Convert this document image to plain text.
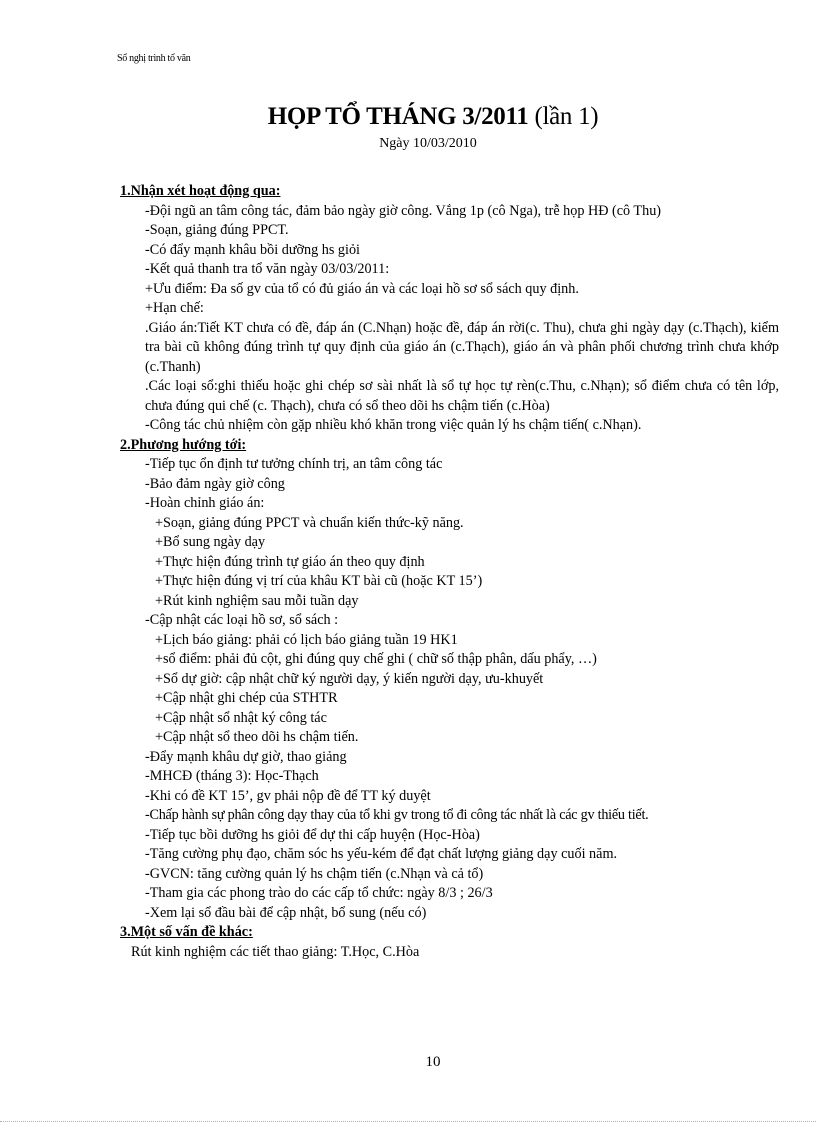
Sổ nghị trình tổ văn
HỌP TỔ THÁNG 3/2011 (lần 1)
Ngày 10/03/2010
1.Nhận xét hoạt động qua:
-Đội ngũ an tâm công tác, đảm bảo ngày giờ công. Vắng 1p (cô Nga), trễ họp HĐ (cô Thu)
-Soạn, giảng đúng PPCT.
-Có đẩy mạnh khâu bồi dưỡng hs giỏi
-Kết quả thanh tra tổ văn ngày 03/03/2011:
+Ưu điểm: Đa số gv của tổ có đủ giáo án và các loại hồ sơ sổ sách quy định.
+Hạn chế:
.Giáo án:Tiết KT chưa có đề, đáp án (C.Nhạn) hoặc đề, đáp án rời(c. Thu), chưa ghi ngày dạy (c.Thạch), kiểm tra bài cũ không đúng trình tự quy định của giáo án (c.Thạch), giáo án và phân phối chương trình chưa khớp (c.Thanh)
.Các loại sổ:ghi thiếu hoặc ghi chép sơ sài nhất là sổ tự học tự rèn(c.Thu, c.Nhạn); sổ điểm chưa có tên lớp, chưa đúng qui chế (c. Thạch), chưa có sổ theo dõi hs chậm tiến (c.Hòa)
-Công tác chủ nhiệm còn gặp nhiều khó khăn trong việc quản lý hs chậm tiến( c.Nhạn).
2.Phương hướng tới:
-Tiếp tục ổn định tư tưởng chính trị, an tâm công tác
-Bảo đảm ngày giờ công
-Hoàn chỉnh giáo án:
+Soạn, giảng đúng PPCT và chuẩn kiến thức-kỹ năng.
+Bổ sung ngày dạy
+Thực hiện đúng trình tự giáo án theo quy định
+Thực hiện đúng vị trí của khâu KT bài cũ (hoặc KT 15’)
+Rút kinh nghiệm sau mỗi tuần dạy
-Cập nhật các loại hồ sơ, sổ sách :
+Lịch báo giảng: phải có lịch báo giảng tuần 19 HK1
+sổ điểm: phải đủ cột, ghi đúng quy chế ghi ( chữ số thập phân, dấu phẩy, …)
+Sổ dự giờ: cập nhật chữ ký người dạy, ý kiến người dạy, ưu-khuyết
+Cập nhật ghi chép của STHTR
+Cập nhật sổ nhật ký công tác
+Cập nhật sổ theo dõi hs chậm tiến.
-Đẩy mạnh khâu dự giờ, thao giảng
-MHCĐ (tháng 3): Học-Thạch
-Khi có đề KT 15’, gv phải nộp đề để TT ký duyệt
-Chấp hành sự phân công dạy thay của tổ khi gv trong tổ đi công tác nhất là các gv thiếu tiết.
-Tiếp tục bồi dưỡng hs giỏi để dự thi cấp huyện (Học-Hòa)
-Tăng cường phụ đạo, chăm sóc hs yếu-kém để đạt chất lượng giảng dạy cuối năm.
-GVCN: tăng cường quản lý hs chậm tiến (c.Nhạn và cả tổ)
-Tham gia các phong trào do các cấp tổ chức: ngày 8/3 ; 26/3
-Xem lại sổ đầu bài để cập nhật, bổ sung (nếu có)
3.Một số vấn đề khác:
Rút kinh nghiệm các tiết thao giảng: T.Học, C.Hòa
10
